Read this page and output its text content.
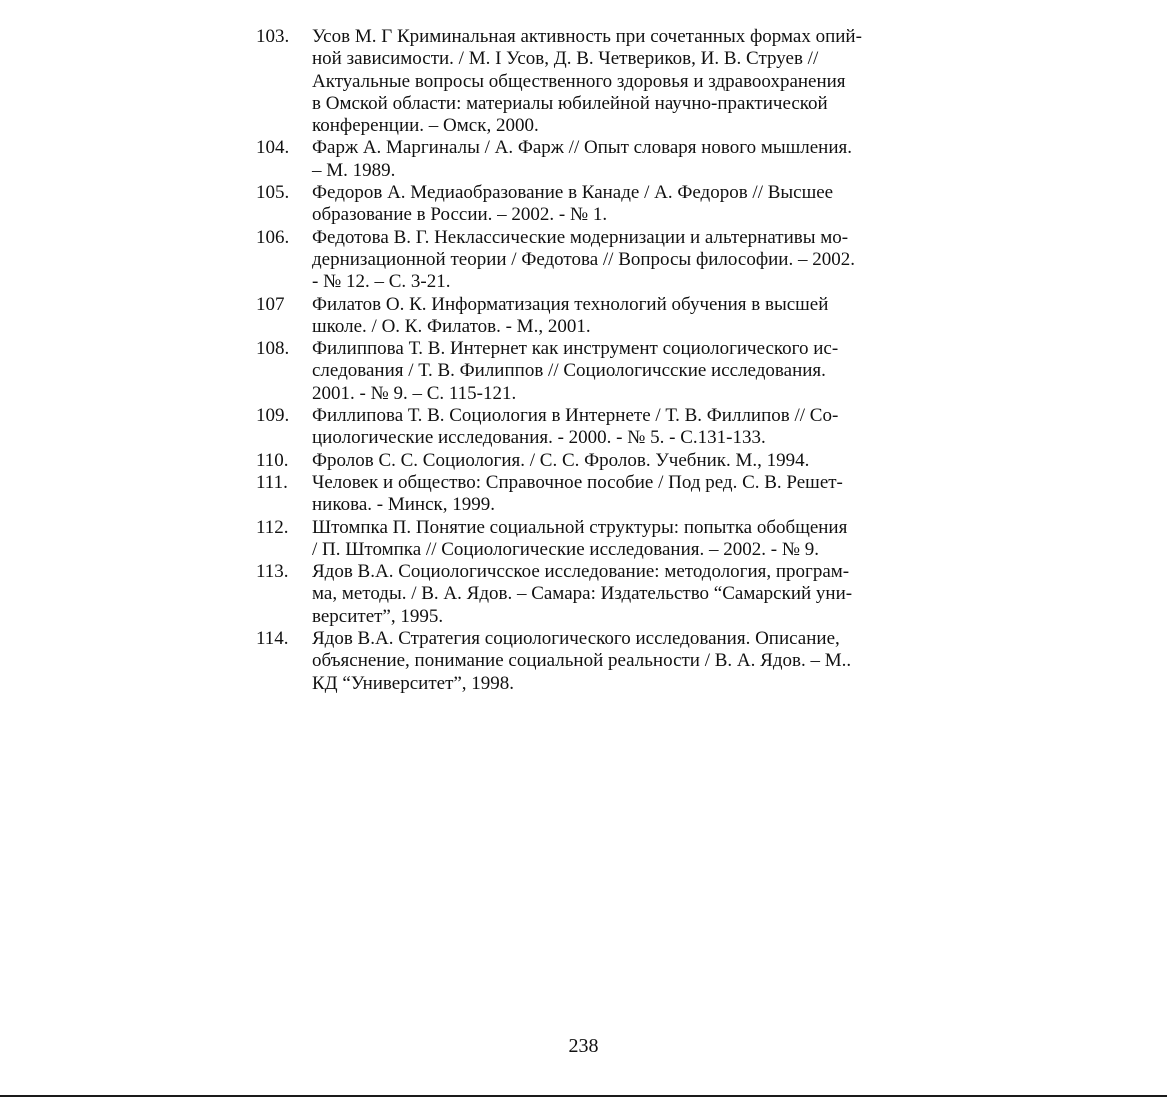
103.	Усов М. Г Криминальная активность при сочетанных формах опий-
ной зависимости. / М. I Усов, Д. В. Четвериков, И. В. Струев //
Актуальные вопросы общественного здоровья и здравоохранения
в Омской области: материалы юбилейной научно-практической
конференции. – Омск, 2000.
104.	Фарж А. Маргиналы / А. Фарж // Опыт словаря нового мышления.
– М. 1989.
105.	Федоров А. Медиаобразование в Канаде / А. Федоров // Высшее
образование в России. – 2002. - № 1.
106.	Федотова В. Г. Неклассические модернизации и альтернативы мо-
дернизационной теории / Федотова // Вопросы философии. – 2002.
- № 12. – С. 3-21.
107	Филатов О. К. Информатизация технологий обучения в высшей
школе. / О. К. Филатов. - М., 2001.
108.	Филиппова Т. В. Интернет как инструмент социологического ис-
следования / Т. В. Филиппов // Социологичсские исследования.
2001. - № 9. – С. 115-121.
109.	Филлипова Т. В. Социология в Интернете / Т. В. Филлипов // Со-
циологические исследования. - 2000. - № 5. - С.131-133.
110.	Фролов С. С. Социология. / С. С. Фролов. Учебник. М., 1994.
111.	Человек и общество: Справочное пособие / Под ред. С. В. Решет-
никова. - Минск, 1999.
112.	Штомпка П. Понятие социальной структуры: попытка обобщения
/ П. Штомпка // Социологические исследования. – 2002. - № 9.
113.	Ядов В.А. Социологичсское исследование: методология, програм-
ма, методы. / В. А. Ядов. – Самара: Издательство “Самарский уни-
верситет”, 1995.
114.	Ядов В.А. Стратегия социологического исследования. Описание,
объяснение, понимание социальной реальности / В. А. Ядов. – М..
КД “Университет”, 1998.
238
